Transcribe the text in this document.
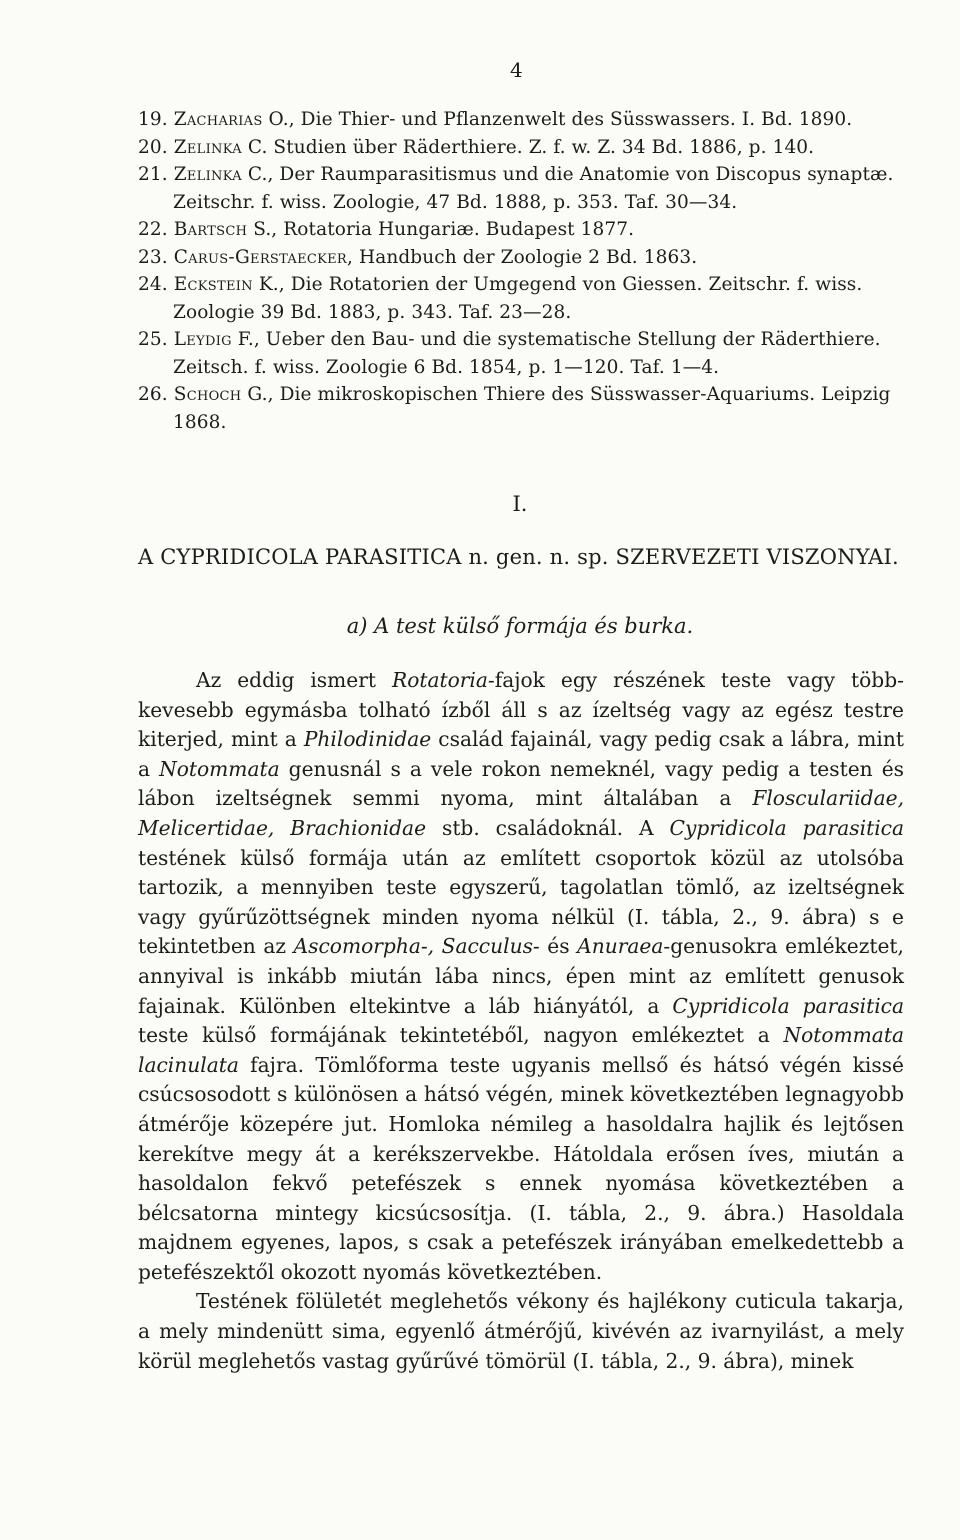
4

19. Zacharias O., Die Thier- und Pflanzenwelt des Süsswassers. I. Bd. 1890.

20. Zelinka C. Studien über Räderthiere. Z. f. w. Z. 34 Bd. 1886, p. 140.

21. Zelinka C., Der Raumparasitismus und die Anatomie von Discopus synaptæ.
Zeitschr. f. wiss. Zoologie, 47 Bd. 1888, p. 353. Taf. 30—34.

22. Bartsch S., Rotatoria Hungariæ. Budapest 1877.

23. Carus-Gerstaecker, Handbuch der Zoologie 2 Bd. 1863.

24. Eckstein K., Die Rotatorien der Umgegend von Giessen. Zeitschr. f. wiss.
Zoologie 39 Bd. 1883, p. 343. Taf. 23—28.

25. Leydig F., Ueber den Bau- und die systematische Stellung der Räderthiere.
Zeitsch. f. wiss. Zoologie 6 Bd. 1854, p. 1—120. Taf. 1—4.

26. Schoch G., Die mikroskopischen Thiere des Süsswasser-Aquariums. Leipzig
1868.

I.
A CYPRIDICOLA PARASITICA n. gen. n. sp. SZERVEZETI VISZONYAI.
a) A test külső formája és burka.

Az eddig ismert Rotatoria-fajok egy részének teste vagy több-kevesebb egymásba tolható ízből áll s az ízeltség vagy az egész testre kiterjed, mint a Philodinidae család fajainál, vagy pedig csak a lábra, mint a Notommata genusnál s a vele rokon nemeknél, vagy pedig a testen és lábon izeltségnek semmi nyoma, mint általában a Flosculariidae, Melicertidae, Brachionidae stb. családoknál. A Cypridicola parasitica testének külső formája után az említett csoportok közül az utolsóba tartozik, a mennyiben teste egyszerű, tagolatlan tömlő, az izeltségnek vagy gyűrűzöttségnek minden nyoma nélkül (I. tábla, 2., 9. ábra) s e tekintetben az Ascomorpha-, Sacculus- és Anuraea-genusokra emlékeztet, annyival is inkább miután lába nincs, épen mint az említett genusok fajainak. Különben eltekintve a láb hiányától, a Cypridicola parasitica teste külső formájának tekintetéből, nagyon emlékeztet a Notommata lacinulata fajra. Tömlőforma teste ugyanis mellső és hátsó végén kissé csúcsosodott s különösen a hátsó végén, minek következtében legnagyobb átmérője közepére jut. Homloka némileg a hasoldalra hajlik és lejtősen kerekítve megy át a kerékszervekbe. Hátoldala erősen íves, miután a hasoldalon fekvő petefészek s ennek nyomása következtében a bélcsatorna mintegy kicsúcsosítja. (I. tábla, 2., 9. ábra.) Hasoldala majdnem egyenes, lapos, s csak a petefészek irányában emelkedettebb a petefészektől okozott nyomás következtében.

Testének fölületét meglehetős vékony és hajlékony cuticula takarja, a mely mindenütt sima, egyenlő átmérőjű, kivévén az ivarnyilást, a mely körül meglehetős vastag gyűrűvé tömörül (I. tábla, 2., 9. ábra), minek
